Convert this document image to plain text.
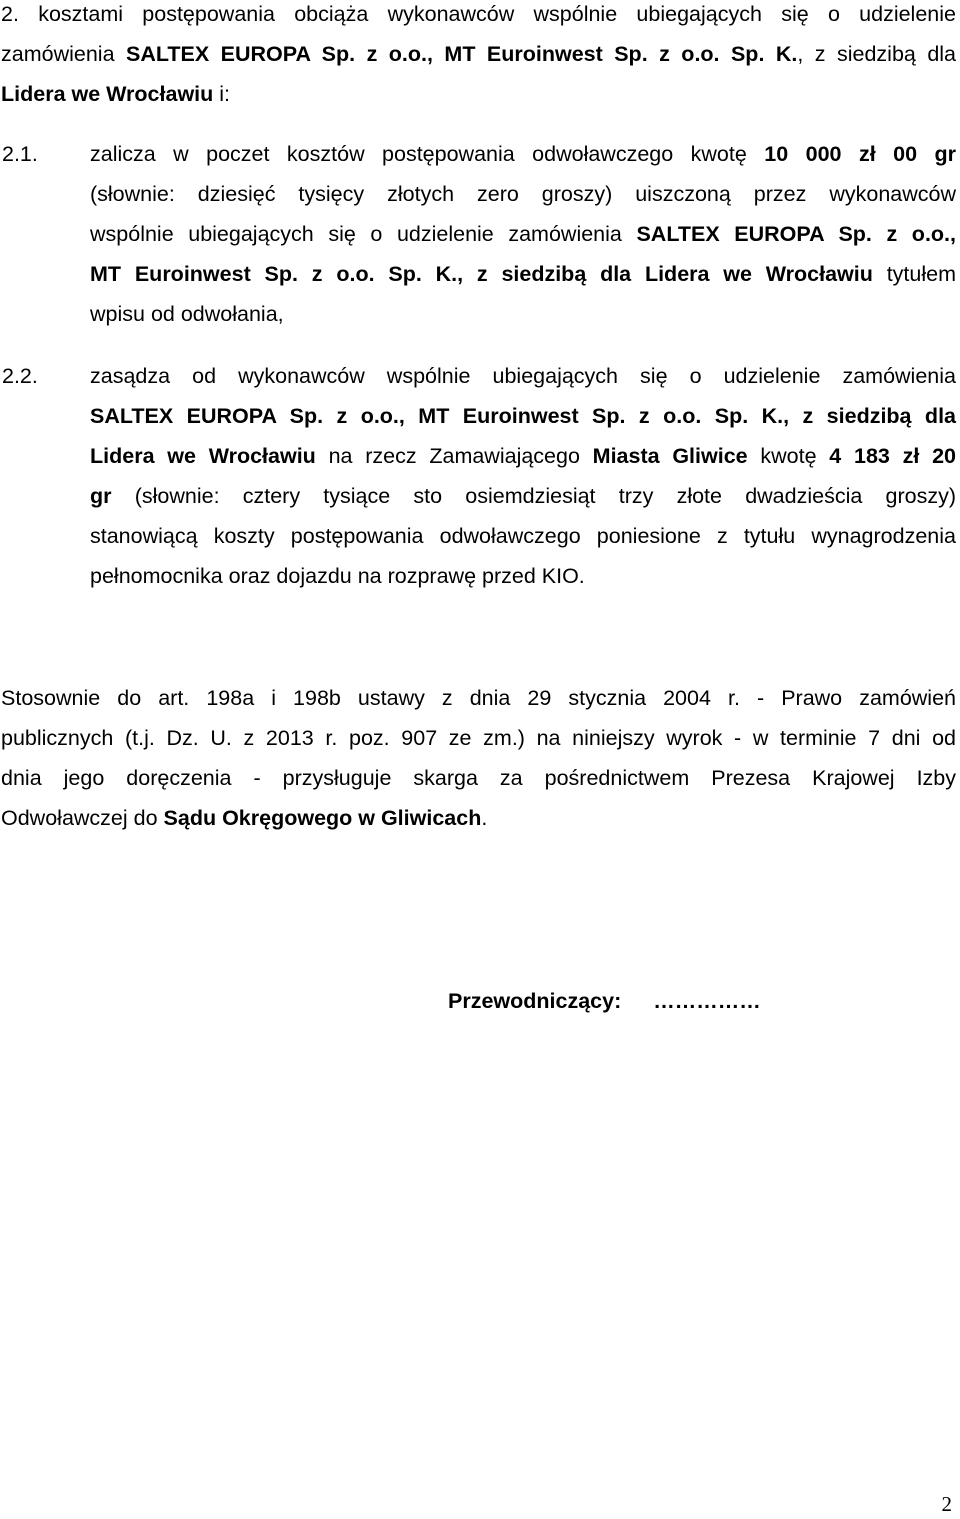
2. kosztami postępowania obciąża wykonawców wspólnie ubiegających się o udzielenie
zamówienia SALTEX EUROPA Sp. z o.o., MT Euroinwest Sp. z o.o. Sp. K., z siedzibą dla
Lidera we Wrocławiu i:
2.1. zalicza w poczet kosztów postępowania odwoławczego kwotę 10 000 zł 00 gr
(słownie: dziesięć tysięcy złotych zero groszy) uiszczoną przez wykonawców
wspólnie ubiegających się o udzielenie zamówienia SALTEX EUROPA Sp. z o.o.,
MT Euroinwest Sp. z o.o. Sp. K., z siedzibą dla Lidera we Wrocławiu tytułem
wpisu od odwołania,
2.2. zasądza od wykonawców wspólnie ubiegających się o udzielenie zamówienia
SALTEX EUROPA Sp. z o.o., MT Euroinwest Sp. z o.o. Sp. K., z siedzibą dla
Lidera we Wrocławiu na rzecz Zamawiającego Miasta Gliwice kwotę 4 183 zł 20
gr (słownie: cztery tysiące sto osiemdziesiąt trzy złote dwadzieścia groszy)
stanowiącą koszty postępowania odwoławczego poniesione z tytułu wynagrodzenia
pełnomocnika oraz dojazdu na rozprawę przed KIO.
Stosownie do art. 198a i 198b ustawy z dnia 29 stycznia 2004 r. - Prawo zamówień
publicznych (t.j. Dz. U. z 2013 r. poz. 907 ze zm.) na niniejszy wyrok - w terminie 7 dni od
dnia jego doręczenia - przysługuje skarga za pośrednictwem Prezesa Krajowej Izby
Odwoławczej do Sądu Okręgowego w Gliwicach.
Przewodniczący: ……………
2
